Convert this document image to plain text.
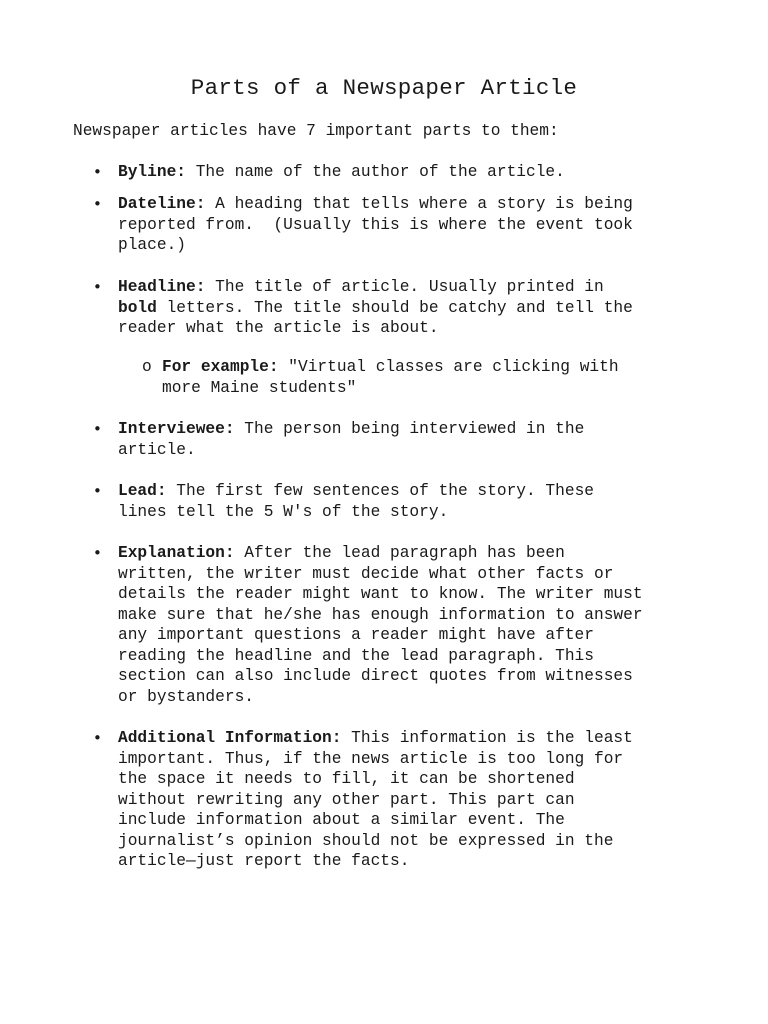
Parts of a Newspaper Article
Newspaper articles have 7 important parts to them:
• Byline: The name of the author of the article.
• Dateline: A heading that tells where a story is being
reported from.  (Usually this is where the event took
place.)
• Headline: The title of article. Usually printed in
bold letters. The title should be catchy and tell the
reader what the article is about.
o For example: "Virtual classes are clicking with
more Maine students"
• Interviewee: The person being interviewed in the
article.
• Lead: The first few sentences of the story. These
lines tell the 5 W's of the story.
• Explanation: After the lead paragraph has been
written, the writer must decide what other facts or
details the reader might want to know. The writer must
make sure that he/she has enough information to answer
any important questions a reader might have after
reading the headline and the lead paragraph. This
section can also include direct quotes from witnesses
or bystanders.
• Additional Information: This information is the least
important. Thus, if the news article is too long for
the space it needs to fill, it can be shortened
without rewriting any other part. This part can
include information about a similar event. The
journalist’s opinion should not be expressed in the
article—just report the facts.
